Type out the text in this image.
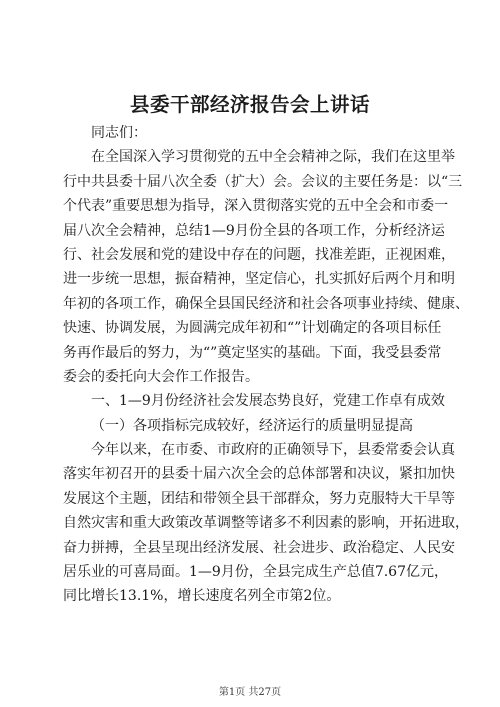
县委干部经济报告会上讲话
同志们：
在全国深入学习贯彻党的五中全会精神之际，我们在这里举
行中共县委十届八次全委（扩大）会。会议的主要任务是：以“三
个代表”重要思想为指导，深入贯彻落实党的五中全会和市委一
届八次全会精神，总结1—9月份全县的各项工作，分析经济运
行、社会发展和党的建设中存在的问题，找准差距，正视困难，
进一步统一思想，振奋精神，坚定信心，扎实抓好后两个月和明
年初的各项工作，确保全县国民经济和社会各项事业持续、健康、
快速、协调发展，为圆满完成年初和“”计划确定的各项目标任
务再作最后的努力，为“”奠定坚实的基础。下面，我受县委常
委会的委托向大会作工作报告。
一、1—9月份经济社会发展态势良好，党建工作卓有成效
（一）各项指标完成较好，经济运行的质量明显提高
今年以来，在市委、市政府的正确领导下，县委常委会认真
落实年初召开的县委十届六次全会的总体部署和决议，紧扣加快
发展这个主题，团结和带领全县干部群众，努力克服特大干旱等
自然灾害和重大政策改革调整等诸多不利因素的影响，开拓进取，
奋力拼搏，全县呈现出经济发展、社会进步、政治稳定、人民安
居乐业的可喜局面。1—9月份，全县完成生产总值7.67亿元，
同比增长13.1%，增长速度名列全市第2位。
第1页 共27页
